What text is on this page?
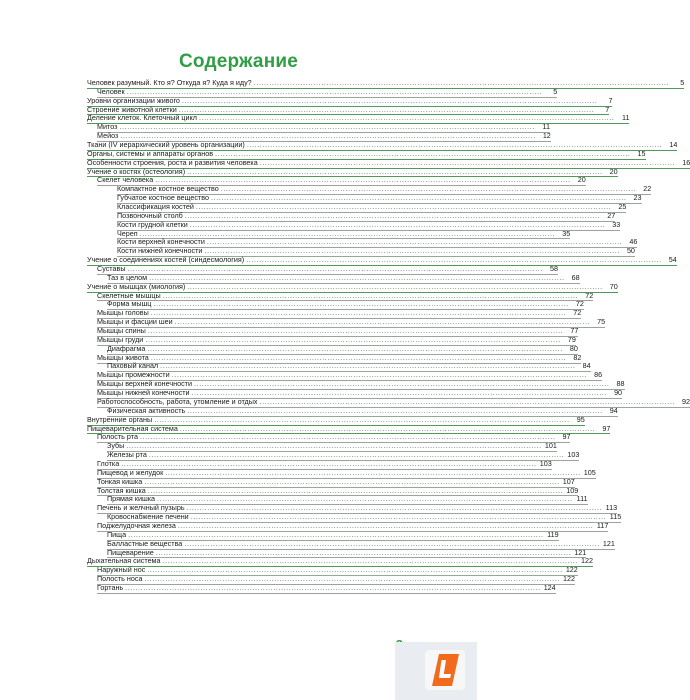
Содержание
Человек разумный. Кто я? Откуда я? Куда я иду? ................................................................................................................................................................	5
Человек ................................................................................................................................................................	5
Уровни организации живого ................................................................................................................................................................	7
Строение животной клетки ................................................................................................................................................................	7
Деление клеток. Клеточный цикл ................................................................................................................................................................	11
Митоз ................................................................................................................................................................	11
Мейоз ................................................................................................................................................................ 12
Ткани (IV иерархический уровень организации) ................................................................................................................................................................ 14
Органы, системы и аппараты органов ................................................................................................................................................................ 15
Особенности строения, роста и развития человека ................................................................................................................................................................ 16
Учение о костях (остеология) ................................................................................................................................................................ 20
Скелет человека ................................................................................................................................................................ 20
Компактное костное вещество ................................................................................................................................................................ 22
Губчатое костное вещество ................................................................................................................................................................ 23
Классификация костей ................................................................................................................................................................ 25
Позвоночный столб ................................................................................................................................................................ 27
Кости грудной клетки ................................................................................................................................................................ 33
Череп ................................................................................................................................................................ 35
Кости верхней конечности ................................................................................................................................................................ 46
Кости нижней конечности ................................................................................................................................................................ 50
Учение о соединениях костей (синдесмология) ................................................................................................................................................................ 54
Суставы ................................................................................................................................................................ 58
Таз в целом ................................................................................................................................................................ 68
Учение о мышцах (миология) ................................................................................................................................................................ 70
Скелетные мышцы ................................................................................................................................................................ 72
Форма мышц ................................................................................................................................................................ 72
Мышцы головы ................................................................................................................................................................ 72
Мышцы и фасции шеи ................................................................................................................................................................ 75
Мышцы спины ................................................................................................................................................................ 77
Мышцы груди ................................................................................................................................................................ 79
Диафрагма ................................................................................................................................................................ 80
Мышцы живота ................................................................................................................................................................ 82
Паховый канал ................................................................................................................................................................ 84
Мышцы промежности ................................................................................................................................................................ 86
Мышцы верхней конечности ................................................................................................................................................................ 88
Мышцы нижней конечности ................................................................................................................................................................ 90
Работоспособность, работа, утомление и отдых ................................................................................................................................................................ 92
Физическая активность ................................................................................................................................................................ 94
Внутренние органы ................................................................................................................................................................ 95
Пищеварительная система ................................................................................................................................................................ 97
Полость рта ................................................................................................................................................................ 97
Зубы ................................................................................................................................................................ 101
Железы рта ................................................................................................................................................................ 103
Глотка ................................................................................................................................................................ 103
Пищевод и желудок ................................................................................................................................................................ 105
Тонкая кишка ................................................................................................................................................................ 107
Толстая кишка ................................................................................................................................................................ 109
Прямая кишка ................................................................................................................................................................ 111
Печень и желчный пузырь ................................................................................................................................................................ 113
Кровоснабжение печени ................................................................................................................................................................ 115
Поджелудочная железа ................................................................................................................................................................ 117
Пища ................................................................................................................................................................ 119
Балластные вещества ................................................................................................................................................................ 121
Пищеварение ................................................................................................................................................................ 121
Дыхательная система ................................................................................................................................................................ 122
Наружный нос ................................................................................................................................................................ 122
Полость носа ................................................................................................................................................................ 122
Гортань ................................................................................................................................................................ 124
